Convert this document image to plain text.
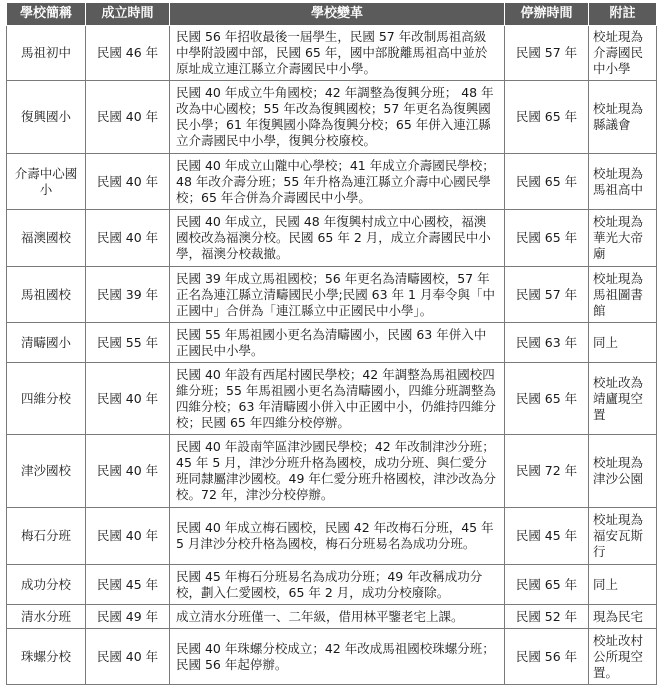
學校簡稱	成立時間	學校變革	停辦時間	附註
馬祖初中	民國 46 年	民國 56 年招收最後一屆學生，民國 57 年改制馬祖高級中學附設國中部，民國 65 年，國中部脫離馬祖高中並於原址成立連江縣立介壽國民中小學。	民國 57 年	校址現為介壽國民中小學
復興國小	民國 40 年	民國 40 年成立牛角國校；42 年調整為復興分班； 48 年改為中心國校；55 年改為復興國校；57 年更名為復興國民小學；61 年復興國小降為復興分校；65 年併入連江縣立介壽國民中小學，復興分校廢校。	民國 65 年	校址現為縣議會
介壽中心國小	民國 40 年	民國 40 年成立山隴中心學校；41 年成立介壽國民學校；48 年改介壽分班；55 年升格為連江縣立介壽中心國民學校；65 年合併為介壽國民中小學。	民國 65 年	校址現為馬祖高中
福澳國校	民國 40 年	民國 40 年成立，民國 48 年復興村成立中心國校，福澳國校改為福澳分校。民國 65 年 2 月，成立介壽國民中小學，福澳分校裁撤。	民國 65 年	校址現為華光大帝廟
馬祖國校	民國 39 年	民國 39 年成立馬祖國校；56 年更名為清疇國校，57 年正名為連江縣立清疇國民小學;民國 63 年 1 月奉令與「中正國中」合併為「連江縣立中正國民中小學」。	民國 57 年	校址現為馬祖圖書館
清疇國小	民國 55 年	民國 55 年馬祖國小更名為清疇國小，民國 63 年併入中正國民中小學。	民國 63 年	同上
四維分校	民國 40 年	民國 40 年設有西尾村國民學校；42 年調整為馬祖國校四維分班；55 年馬祖國小更名為清疇國小，四維分班調整為四維分校；63 年清疇國小併入中正國中小，仍維持四維分校；民國 65 年四維分校停辦。	民國 65 年	校址改為靖廬現空置
津沙國校	民國 40 年	民國 40 年設南竿區津沙國民學校；42 年改制津沙分班；45 年 5 月，津沙分班升格為國校，成功分班、與仁愛分班同隸屬津沙國校。49 年仁愛分班升格國校，津沙改為分校。72 年，津沙分校停辦。	民國 72 年	校址現為津沙公園
梅石分班	民國 40 年	民國 40 年成立梅石國校，民國 42 年改梅石分班，45 年 5 月津沙分校升格為國校，梅石分班易名為成功分班。	民國 45 年	校址現為福安瓦斯行
成功分校	民國 45 年	民國 45 年梅石分班易名為成功分班；49 年改稱成功分校，劃入仁愛國校，65 年 2 月，成功分校廢除。	民國 65 年	同上
清水分班	民國 49 年	成立清水分班僅一、二年級，借用林平鑒老宅上課。	民國 52 年	現為民宅
珠螺分校	民國 40 年	民國 40 年珠螺分校成立；42 年改成馬祖國校珠螺分班；民國 56 年起停辦。	民國 56 年	校址改村公所現空置。
